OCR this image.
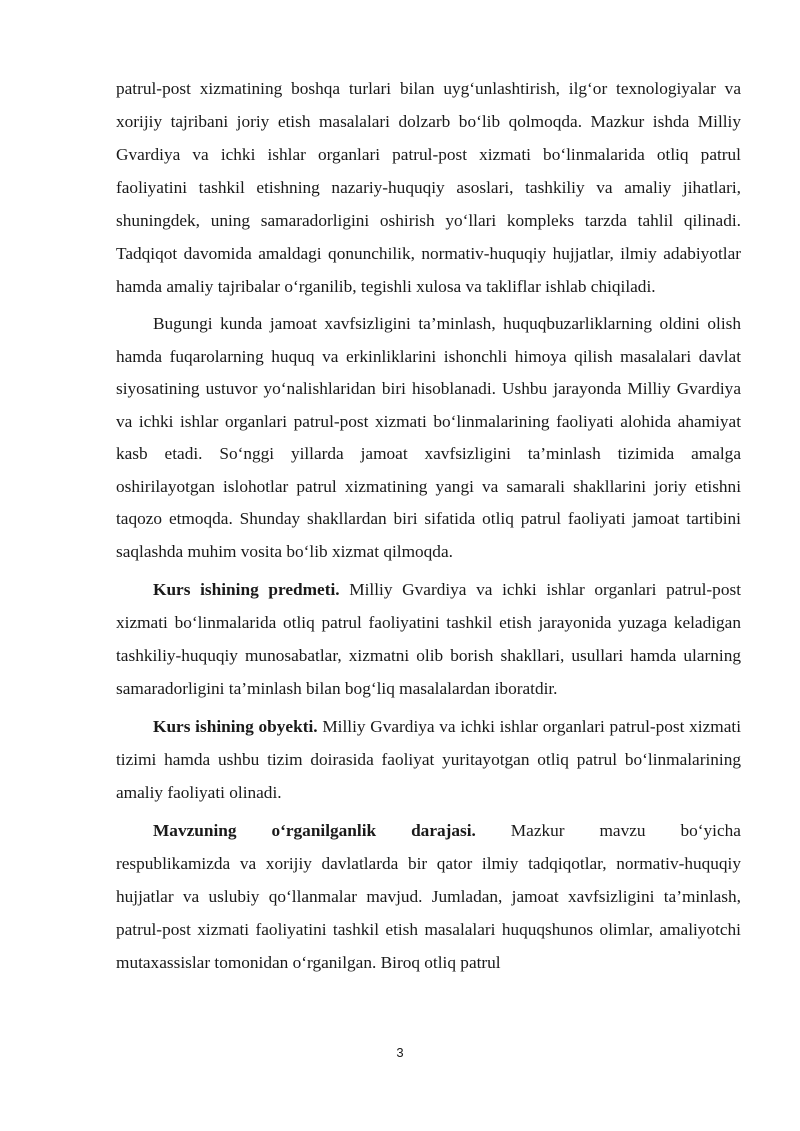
patrul-post xizmatining boshqa turlari bilan uyg‘unlashtirish, ilg‘or texnologiyalar va xorijiy tajribani joriy etish masalalari dolzarb bo‘lib qolmoqda. Mazkur ishda Milliy Gvardiya va ichki ishlar organlari patrul-post xizmati bo‘linmalarida otliq patrul faoliyatini tashkil etishning nazariy-huquqiy asoslari, tashkiliy va amaliy jihatlari, shuningdek, uning samaradorligini oshirish yo‘llari kompleks tarzda tahlil qilinadi. Tadqiqot davomida amaldagi qonunchilik, normativ-huquqiy hujjatlar, ilmiy adabiyotlar hamda amaliy tajribalar o‘rganilib, tegishli xulosa va takliflar ishlab chiqiladi.

Bugungi kunda jamoat xavfsizligini ta’minlash, huquqbuzarliklarning oldini olish hamda fuqarolarning huquq va erkinliklarini ishonchli himoya qilish masalalari davlat siyosatining ustuvor yo‘nalishlaridan biri hisoblanadi. Ushbu jarayonda Milliy Gvardiya va ichki ishlar organlari patrul-post xizmati bo‘linmalarining faoliyati alohida ahamiyat kasb etadi. So‘nggi yillarda jamoat xavfsizligini ta’minlash tizimida amalga oshirilayotgan islohotlar patrul xizmatining yangi va samarali shakllarini joriy etishni taqozo etmoqda. Shunday shakllardan biri sifatida otliq patrul faoliyati jamoat tartibini saqlashda muhim vosita bo‘lib xizmat qilmoqda.

Kurs ishining predmeti. Milliy Gvardiya va ichki ishlar organlari patrul-post xizmati bo‘linmalarida otliq patrul faoliyatini tashkil etish jarayonida yuzaga keladigan tashkiliy-huquqiy munosabatlar, xizmatni olib borish shakllari, usullari hamda ularning samaradorligini ta’minlash bilan bog‘liq masalalardan iboratdir.

Kurs ishining obyekti. Milliy Gvardiya va ichki ishlar organlari patrul-post xizmati tizimi hamda ushbu tizim doirasida faoliyat yuritayotgan otliq patrul bo‘linmalarining amaliy faoliyati olinadi.

Mavzuning o‘rganilganlik darajasi. Mazkur mavzu bo‘yicha

respublikamizda va xorijiy davlatlarda bir qator ilmiy tadqiqotlar, normativ-huquqiy hujjatlar va uslubiy qo‘llanmalar mavjud. Jumladan, jamoat xavfsizligini ta’minlash, patrul-post xizmati faoliyatini tashkil etish masalalari huquqshunos olimlar, amaliyotchi mutaxassislar tomonidan o‘rganilgan. Biroq otliq patrul

3
